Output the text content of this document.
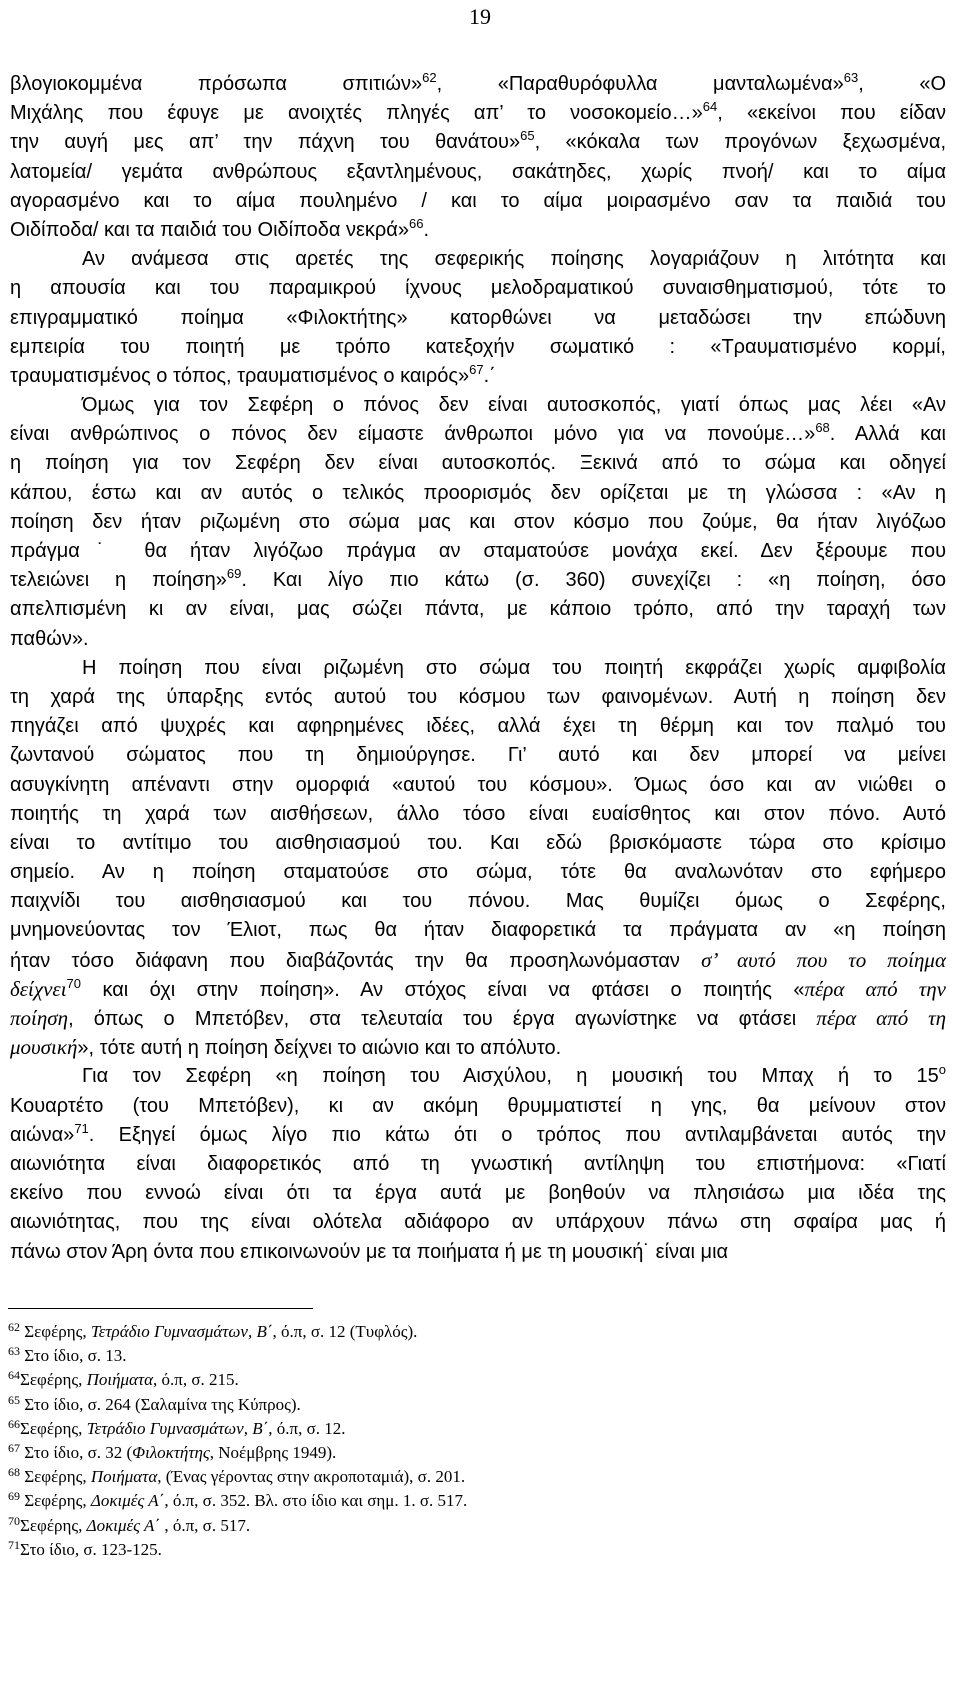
19
βλογιοκομμένα πρόσωπα σπιτιών»$^{62}$, «Παραθυρόφυλλα μανταλωμένα»$^{63}$, «Ο
Μιχάλης που έφυγε με ανοιχτές πληγές απ’ το νοσοκομείο…»$^{64}$, «εκείνοι που είδαν
την αυγή μες απ’ την πάχνη του θανάτου»$^{65}$, «κόκαλα των προγόνων ξεχωσμένα,
λατομεία/ γεμάτα ανθρώπους εξαντλημένους, σακάτηδες, χωρίς πνοή/ και το αίμα
αγορασμένο και το αίμα πουλημένο / και το αίμα μοιρασμένο σαν τα παιδιά του
Οιδίποδα/ και τα παιδιά του Οιδίποδα νεκρά»$^{66}$.
Αν ανάμεσα στις αρετές της σεφερικής ποίησης λογαριάζουν η λιτότητα και
η απουσία και του παραμικρού ίχνους μελοδραματικού συναισθηματισμού, τότε το
επιγραμματικό ποίημα «Φιλοκτήτης» κατορθώνει να μεταδώσει την επώδυνη
εμπειρία του ποιητή με τρόπο κατεξοχήν σωματικό : «Τραυματισμένο κορμί,
τραυματισμένος ο τόπος, τραυματισμένος ο καιρός»$^{67}$.΄
Όμως για τον Σεφέρη ο πόνος δεν είναι αυτοσκοπός, γιατί όπως μας λέει «Αν
είναι ανθρώπινος ο πόνος δεν είμαστε άνθρωποι μόνο για να πονούμε…»$^{68}$. Αλλά και
η ποίηση για τον Σεφέρη δεν είναι αυτοσκοπός. Ξεκινά από το σώμα και οδηγεί
κάπου, έστω και αν αυτός ο τελικός προορισμός δεν ορίζεται με τη γλώσσα : «Αν η
ποίηση δεν ήταν ριζωμένη στο σώμα μας και στον κόσμο που ζούμε, θα ήταν λιγόζωο
πράγμα˙ θα ήταν λιγόζωο πράγμα αν σταματούσε μονάχα εκεί. Δεν ξέρουμε που
τελειώνει η ποίηση»$^{69}$. Και λίγο πιο κάτω (σ. 360) συνεχίζει : «η ποίηση, όσο
απελπισμένη κι αν είναι, μας σώζει πάντα, με κάποιο τρόπο, από την ταραχή των
παθών».
Η ποίηση που είναι ριζωμένη στο σώμα του ποιητή εκφράζει χωρίς αμφιβολία
τη χαρά της ύπαρξης εντός αυτού του κόσμου των φαινομένων. Αυτή η ποίηση δεν
πηγάζει από ψυχρές και αφηρημένες ιδέες, αλλά έχει τη θέρμη και τον παλμό του
ζωντανού σώματος που τη δημιούργησε. Γι’ αυτό και δεν μπορεί να μείνει
ασυγκίνητη απέναντι στην ομορφιά «αυτού του κόσμου». Όμως όσο και αν νιώθει ο
ποιητής τη χαρά των αισθήσεων, άλλο τόσο είναι ευαίσθητος και στον πόνο. Αυτό
είναι το αντίτιμο του αισθησιασμού του. Και εδώ βρισκόμαστε τώρα στο κρίσιμο
σημείο. Αν η ποίηση σταματούσε στο σώμα, τότε θα αναλωνόταν στο εφήμερο
παιχνίδι του αισθησιασμού και του πόνου. Μας θυμίζει όμως ο Σεφέρης,
μνημονεύοντας τον Έλιοτ, πως θα ήταν διαφορετικά τα πράγματα αν «η ποίηση
ήταν τόσο διάφανη που διαβάζοντάς την θα προσηλωνόμασταν σ’ αυτό που το ποίημα
δείχνει$^{70}$ και όχι στην ποίηση». Αν στόχος είναι να φτάσει ο ποιητής «πέρα από την
ποίηση, όπως ο Μπετόβεν, στα τελευταία του έργα αγωνίστηκε να φτάσει πέρα από τη
μουσική», τότε αυτή η ποίηση δείχνει το αιώνιο και το απόλυτο.
Για τον Σεφέρη «η ποίηση του Αισχύλου, η μουσική του Μπαχ ή το $15^o$
Κουαρτέτο (του Μπετόβεν), κι αν ακόμη θρυμματιστεί η γης, θα μείνουν στον
αιώνα»$^{71}$. Εξηγεί όμως λίγο πιο κάτω ότι ο τρόπος που αντιλαμβάνεται αυτός την
αιωνιότητα είναι διαφορετικός από τη γνωστική αντίληψη του επιστήμονα: «Γιατί
εκείνο που εννοώ είναι ότι τα έργα αυτά με βοηθούν να πλησιάσω μια ιδέα της
αιωνιότητας, που της είναι ολότελα αδιάφορο αν υπάρχουν πάνω στη σφαίρα μας ή
πάνω στον Άρη όντα που επικοινωνούν με τα ποιήματα ή με τη μουσική˙ είναι μια
$^{62}$ Σεφέρης, Τετράδιο Γυμνασμάτων, Β΄, ό.π, σ. 12 (Τυφλός).
$^{63}$ Στο ίδιο, σ. 13.
$^{64}$Σεφέρης, Ποιήματα, ό.π, σ. 215.
$^{65}$ Στο ίδιο, σ. 264 (Σαλαμίνα της Κύπρος).
$^{66}$Σεφέρης, Τετράδιο Γυμνασμάτων, Β΄, ό.π, σ. 12.
$^{67}$ Στο ίδιο, σ. 32 (Φιλοκτήτης, Νοέμβρης 1949).
$^{68}$ Σεφέρης, Ποιήματα, (Ένας γέροντας στην ακροποταμιά), σ. 201.
$^{69}$ Σεφέρης, Δοκιμές Α΄, ό.π, σ. 352. Βλ. στο ίδιο και σημ. 1. σ. 517.
$^{70}$Σεφέρης, Δοκιμές Α΄ , ό.π, σ. 517.
$^{71}$Στο ίδιο, σ. 123-125.
